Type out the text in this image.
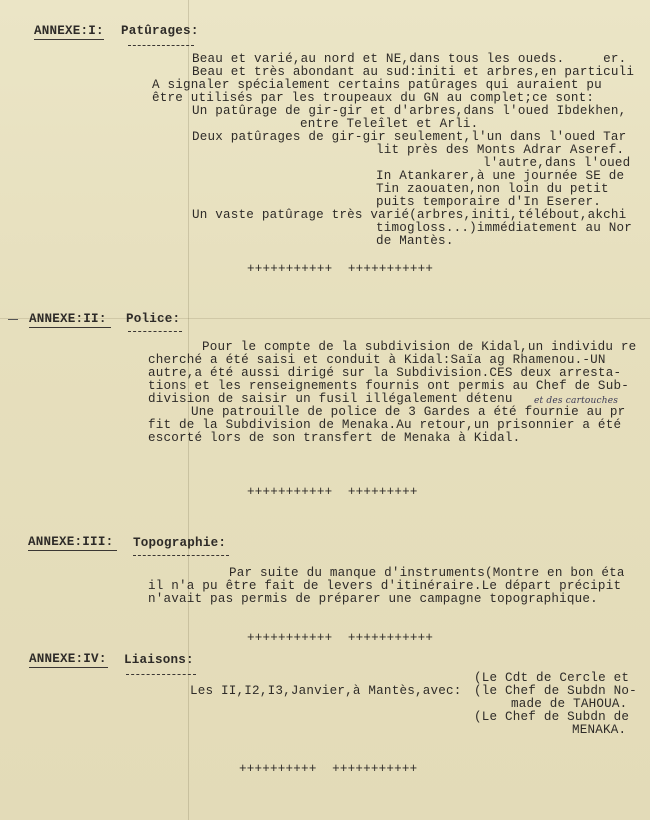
ANNEXE:I: Patûrages:
Beau et varié,au nord et NE,dans tous les oueds.     er.
Beau et très abondant au sud:initi et arbres,en particuli
A signaler spécialement certains patûrages qui auraient pu
être utilisés par les troupeaux du GN au complet;ce sont:
Un patûrage de gir-gir et d'arbres,dans l'oued Ibdekhen,
entre Teleîlet et Arli.
Deux patûrages de gir-gir seulement,l'un dans l'oued Tar
lit près des Monts Adrar Aseref.
l'autre,dans l'oued
In Atankarer,à une journée SE de
Tin zaouaten,non loin du petit
puits temporaire d'In Eserer.
Un vaste patûrage très varié(arbres,initi,télébout,akchi
timogloss...)immédiatement au Nor
de Mantès.
+++++++++++  +++++++++++
ANNEXE:II: Police:
Pour le compte de la subdivision de Kidal,un individu re
cherché a été saisi et conduit à Kidal:Saïa ag Rhamenou.-UN
autre,a été aussi dirigé sur la Subdivision.CES deux arresta-
tions et les renseignements fournis ont permis au Chef de Sub-
division de saisir un fusil illégalement détenu et des cartouches
Une patrouille de police de 3 Gardes a été fournie au pr
fit de la Subdivision de Menaka.Au retour,un prisonnier a été
escorté lors de son transfert de Menaka à Kidal.
+++++++++++  +++++++++
ANNEXE:III: Topographie:
Par suite du manque d'instruments(Montre en bon éta
il n'a pu être fait de levers d'itinéraire.Le départ précipit
n'avait pas permis de préparer une campagne topographique.
+++++++++++  +++++++++++
ANNEXE:IV: Liaisons:
Les II,I2,I3,Janvier,à Mantès,avec:
(Le Cdt de Cercle et
(le Chef de Subdn No-
made de TAHOUA.
(Le Chef de Subdn de
MENAKA.
++++++++++  +++++++++++
